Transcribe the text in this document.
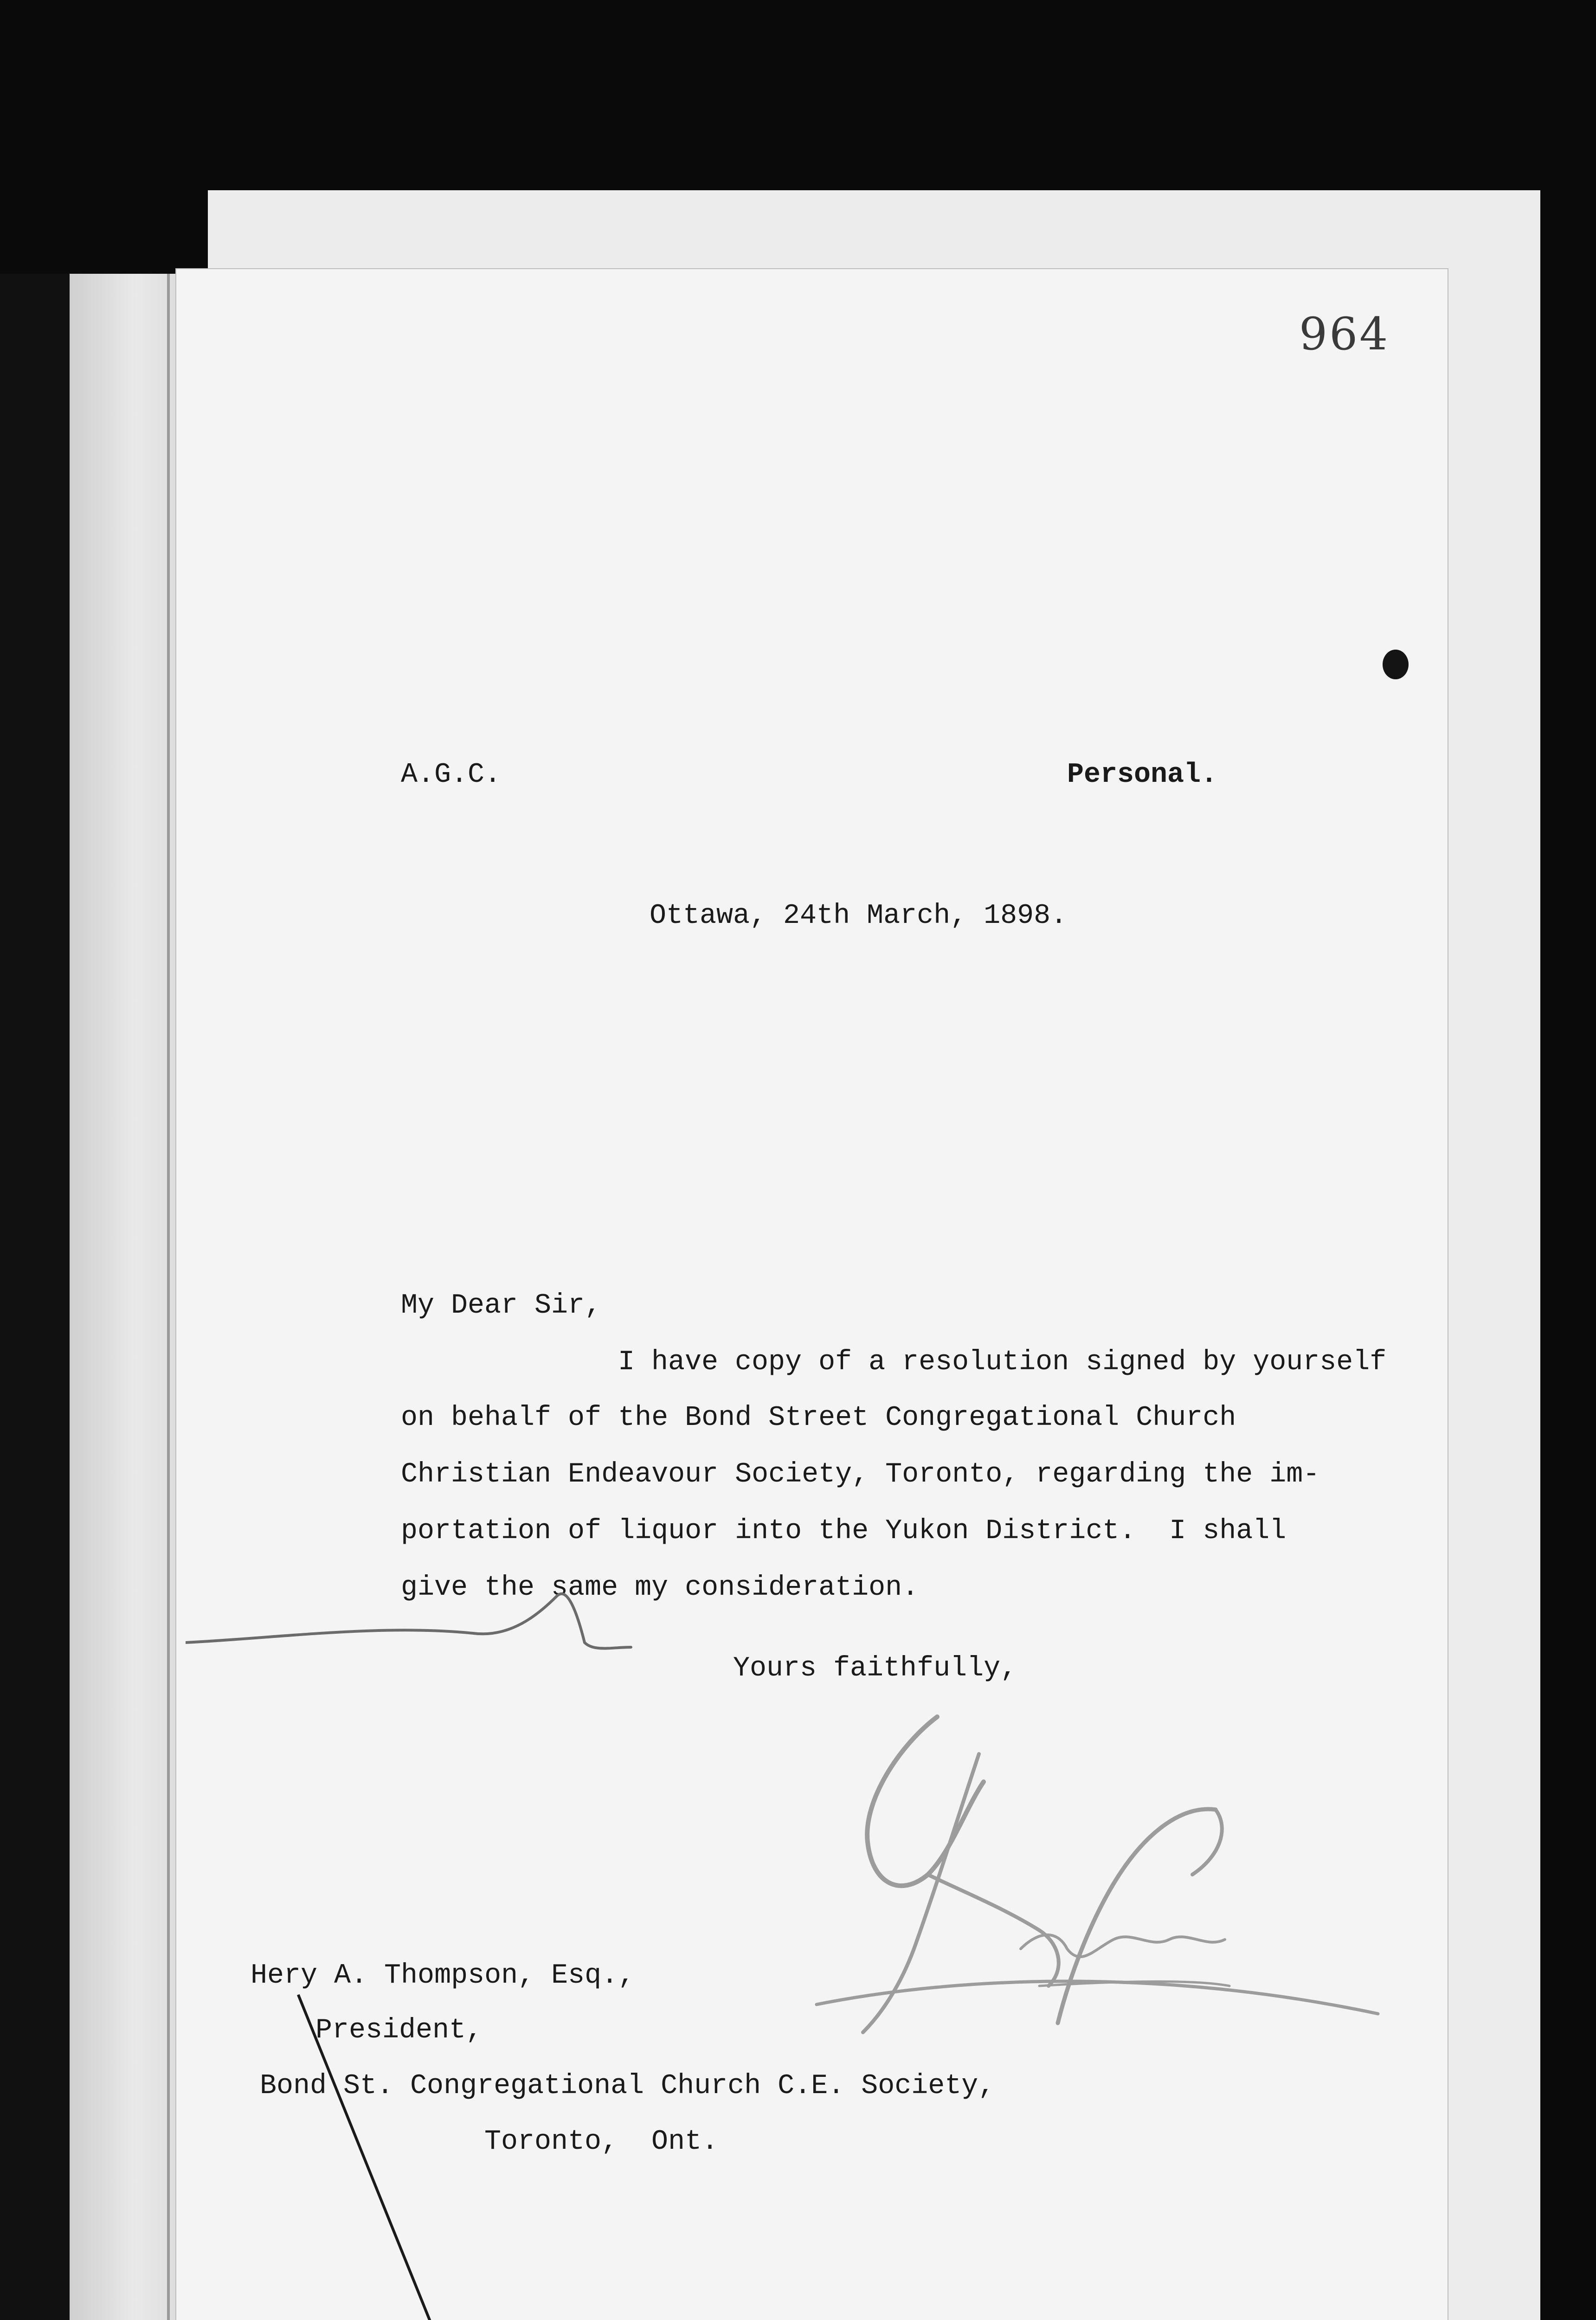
964
A.G.C.	Personal.
Ottawa, 24th March, 1898.
My Dear Sir,
I have copy of a resolution signed by yourself
on behalf of the Bond Street Congregational Church
Christian Endeavour Society, Toronto, regarding the im-
portation of liquor into the Yukon District.  I shall
give the same my consideration.
Yours faithfully,
Hery A. Thompson, Esq.,
President,
Bond St. Congregational Church C.E. Society,
Toronto,  Ont.
